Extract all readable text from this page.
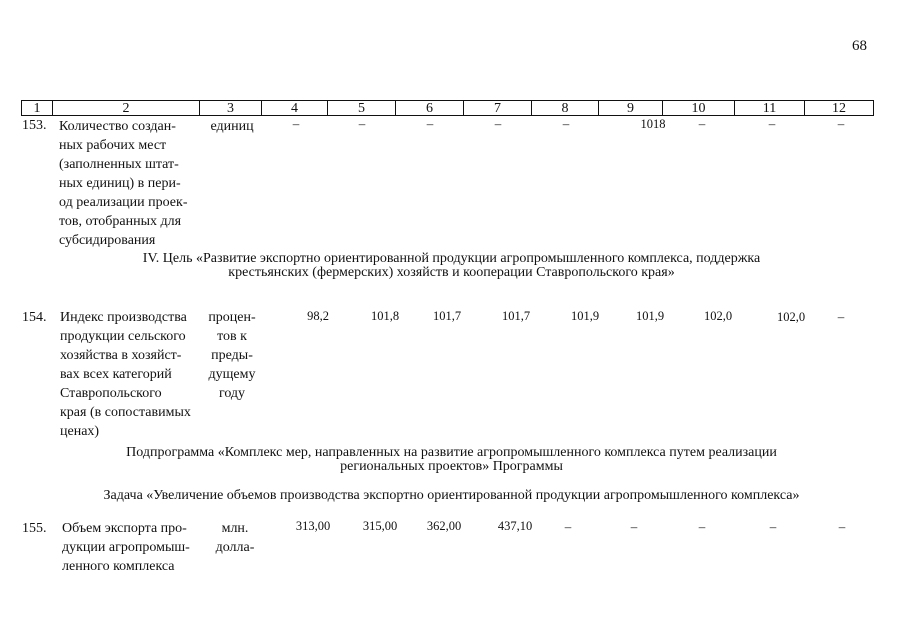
68
1	2	3	4	5	6	7	8	9	10	11	12
153. Количество создан-
ных рабочих мест
(заполненных штат-
ных единиц) в пери-
од реализации проек-
тов, отобранных для
субсидирования
единиц	–	–	–	–	–	1018	–	–	–
IV. Цель «Развитие экспортно ориентированной продукции агропромышленного комплекса, поддержка
крестьянских (фермерских) хозяйств и кооперации Ставропольского края»
154. Индекс производства
продукции сельского
хозяйства в хозяйст-
вах всех категорий
Ставропольского
края (в сопоставимых
ценах)
процен-
тов к
преды-
дущему
году
98,2	101,8	101,7	101,7	101,9	101,9	102,0	102,0	–
Подпрограмма «Комплекс мер, направленных на развитие агропромышленного комплекса путем реализации
региональных проектов» Программы
Задача «Увеличение объемов производства экспортно ориентированной продукции агропромышленного комплекса»
155. Объем экспорта про-
дукции агропромыш-
ленного комплекса
млн.
долла-
313,00	315,00	362,00	437,10	–	–	–	–	–
